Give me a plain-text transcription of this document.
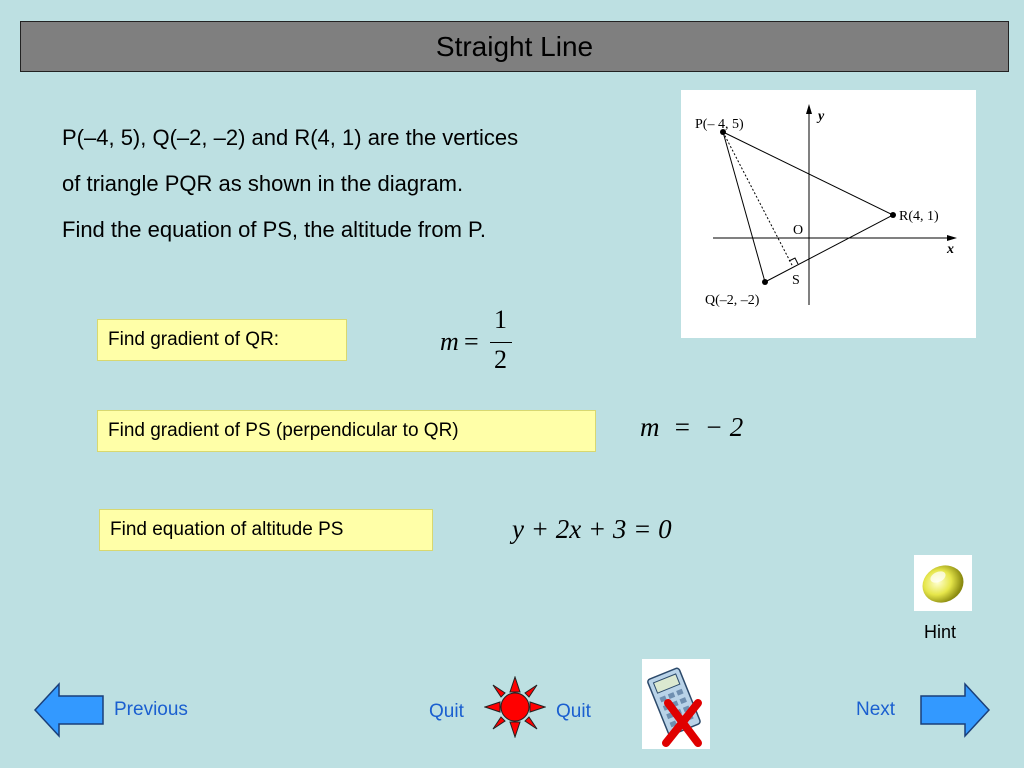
Straight Line
P(–4, 5), Q(–2, –2) and R(4, 1) are the vertices
of triangle PQR as shown in the diagram.
Find the equation of PS, the altitude from P.
P(– 4, 5)
R(4, 1)
Q(–2, –2)
O
S
x
y
Find gradient of QR:	m =
1
2
Find gradient of PS (perpendicular to QR)	m  =  − 2
Find equation of altitude PS	y + 2x + 3 = 0
Hint
Previous	Quit	Quit	Next
